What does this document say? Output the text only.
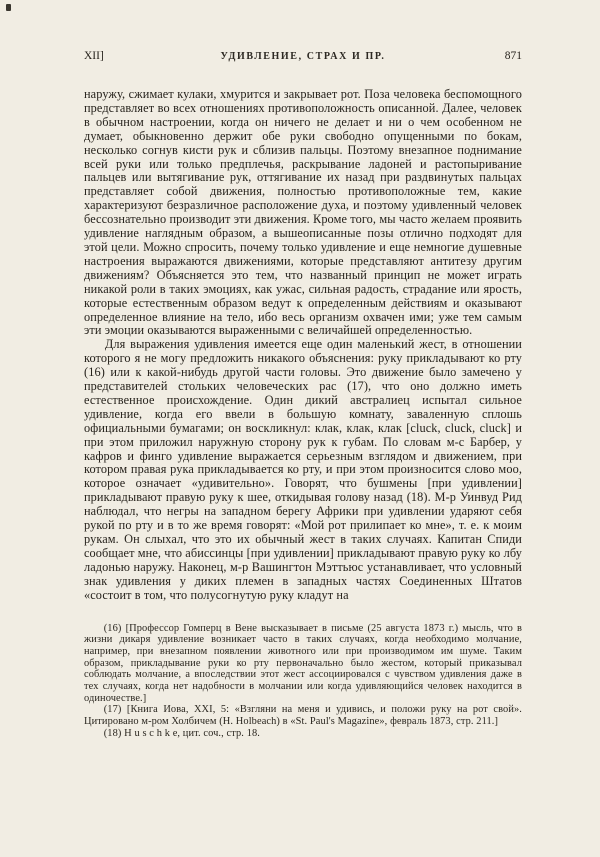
XII]	УДИВЛЕНИЕ, СТРАХ И ПР.	871

наружу, сжимает кулаки, хмурится и закрывает рот. Поза человека беспомощного представляет во всех отношениях противоположность описанной. Далее, человек в обычном настроении, когда он ничего не делает и ни о чем особенном не думает, обыкновенно держит обе руки свободно опущенными по бокам, несколько согнув кисти рук и сблизив пальцы. Поэтому внезапное поднимание всей руки или только предплечья, раскрывание ладоней и растопыривание пальцев или вытягивание рук, оттягивание их назад при раздвинутых пальцах представляет собой движения, полностью противоположные тем, какие характеризуют безразличное расположение духа, и поэтому удивленный человек бессознательно производит эти движения. Кроме того, мы часто желаем проявить удивление наглядным образом, а вышеописанные позы отлично подходят для этой цели. Можно спросить, почему только удивление и еще немногие душевные настроения выражаются движениями, которые представляют антитезу другим движениям? Объясняется это тем, что названный принцип не может играть никакой роли в таких эмоциях, как ужас, сильная радость, страдание или ярость, которые естественным образом ведут к определенным действиям и оказывают определенное влияние на тело, ибо весь организм охвачен ими; уже тем самым эти эмоции оказываются выраженными с величайшей определенностью.

Для выражения удивления имеется еще один маленький жест, в отношении которого я не могу предложить никакого объяснения: руку прикладывают ко рту (16) или к какой-нибудь другой части головы. Это движение было замечено у представителей стольких человеческих рас (17), что оно должно иметь естественное происхождение. Один дикий австралиец испытал сильное удивление, когда его ввели в большую комнату, заваленную сплошь официальными бумагами; он воскликнул: клак, клак, клак [cluck, cluck, cluck] и при этом приложил наружную сторону рук к губам. По словам м-с Барбер, у кафров и финго удивление выражается серьезным взглядом и движением, при котором правая рука прикладывается ко рту, и при этом произносится слово моо, которое означает «удивительно». Говорят, что бушмены [при удивлении] прикладывают правую руку к шее, откидывая голову назад (18). М-р Уинвуд Рид наблюдал, что негры на западном берегу Африки при удивлении ударяют себя рукой по рту и в то же время говорят: «Мой рот прилипает ко мне», т. е. к моим рукам. Он слыхал, что это их обычный жест в таких случаях. Капитан Спиди сообщает мне, что абиссинцы [при удивлении] прикладывают правую руку ко лбу ладонью наружу. Наконец, м-р Вашингтон Мэттьюс устанавливает, что условный знак удивления у диких племен в западных частях Соединенных Штатов «состоит в том, что полусогнутую руку кладут на

(16) [Профессор Гомперц в Вене высказывает в письме (25 августа 1873 г.) мысль, что в жизни дикаря удивление возникает часто в таких случаях, когда необходимо молчание, например, при внезапном появлении животного или при производимом им шуме. Таким образом, прикладывание руки ко рту первоначально было жестом, который приказывал соблюдать молчание, а впоследствии этот жест ассоциировался с чувством удивления даже в тех случаях, когда нет надобности в молчании или когда удивляющийся человек находится в одиночестве.]

(17) [Книга Иова, XXI, 5: «Взгляни на меня и удивись, и положи руку на рот свой». Цитировано м-ром Холбичем (H. Holbeach) в «St. Paul's Magazine», февраль 1873, стр. 211.]

(18) H u s c h k e, цит. соч., стр. 18.
